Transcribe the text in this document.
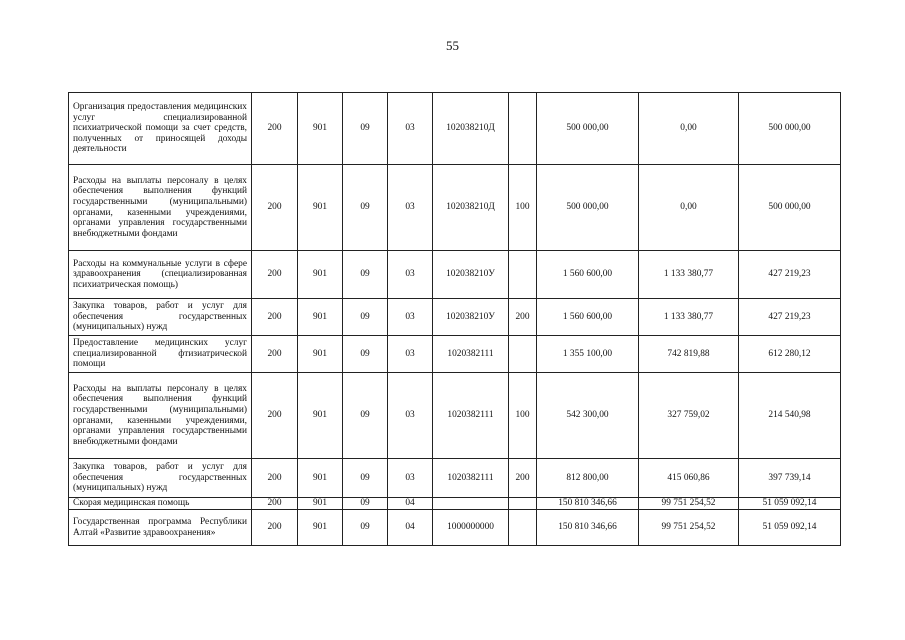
55
Организация предоставления медицинских услуг специализированной психиатрической помощи за счет средств, полученных от приносящей доходы деятельности	200	901	09	03	102038210Д		500 000,00	0,00	500 000,00
Расходы на выплаты персоналу в целях обеспечения выполнения функций государственными (муниципальными) органами, казенными учреждениями, органами управления государственными внебюджетными фондами	200	901	09	03	102038210Д	100	500 000,00	0,00	500 000,00
Расходы на коммунальные услуги в сфере здравоохранения (специализированная психиатрическая помощь)	200	901	09	03	102038210У		1 560 600,00	1 133 380,77	427 219,23
Закупка товаров, работ и услуг для обеспечения государственных (муниципальных) нужд	200	901	09	03	102038210У	200	1 560 600,00	1 133 380,77	427 219,23
Предоставление медицинских услуг специализированной фтизиатрической помощи	200	901	09	03	1020382111		1 355 100,00	742 819,88	612 280,12
Расходы на выплаты персоналу в целях обеспечения выполнения функций государственными (муниципальными) органами, казенными учреждениями, органами управления государственными внебюджетными фондами	200	901	09	03	1020382111	100	542 300,00	327 759,02	214 540,98
Закупка товаров, работ и услуг для обеспечения государственных (муниципальных) нужд	200	901	09	03	1020382111	200	812 800,00	415 060,86	397 739,14
Скорая медицинская помощь	200	901	09	04			150 810 346,66	99 751 254,52	51 059 092,14
Государственная программа Республики Алтай «Развитие здравоохранения»	200	901	09	04	1000000000		150 810 346,66	99 751 254,52	51 059 092,14
